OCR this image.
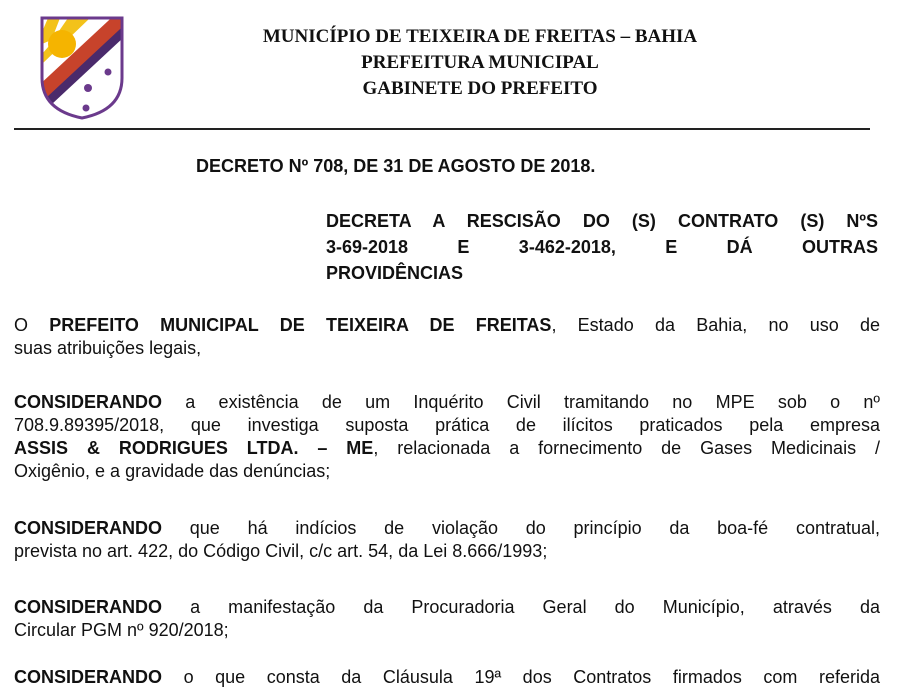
MUNICÍPIO DE TEIXEIRA DE FREITAS – BAHIA
PREFEITURA MUNICIPAL
GABINETE DO PREFEITO
DECRETO Nº 708, DE 31 DE AGOSTO DE 2018.
DECRETA A RESCISÃO DO (S) CONTRATO (S) NºS
3-69-2018 E 3-462-2018, E DÁ OUTRAS
PROVIDÊNCIAS
O PREFEITO MUNICIPAL DE TEIXEIRA DE FREITAS, Estado da Bahia, no uso de
suas atribuições legais,
CONSIDERANDO a existência de um Inquérito Civil tramitando no MPE sob o nº
708.9.89395/2018, que investiga suposta prática de ilícitos praticados pela empresa
ASSIS & RODRIGUES LTDA. – ME, relacionada a fornecimento de Gases Medicinais /
Oxigênio, e a gravidade das denúncias;
CONSIDERANDO que há indícios de violação do princípio da boa-fé contratual,
prevista no art. 422, do Código Civil, c/c art. 54, da Lei 8.666/1993;
CONSIDERANDO a manifestação da Procuradoria Geral do Município, através da
Circular PGM nº 920/2018;
CONSIDERANDO o que consta da Cláusula 19ª dos Contratos firmados com referida
